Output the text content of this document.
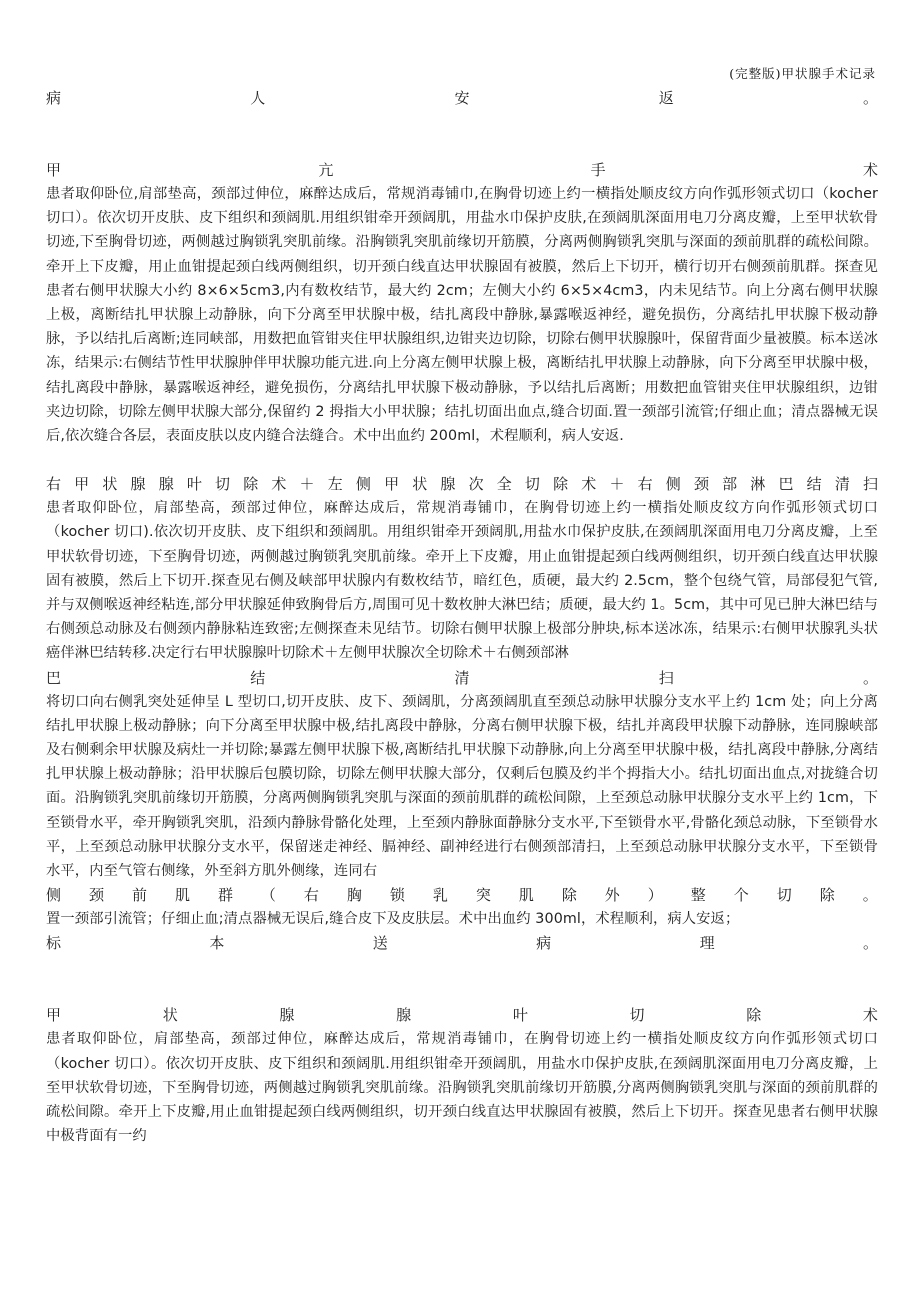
(完整版)甲状腺手术记录
病	人	安	返	。
甲	亢	手	术

患者取仰卧位,肩部垫高，颈部过伸位，麻醉达成后，常规消毒铺巾,在胸骨切迹上约一横指处顺皮纹方向作弧形领式切口（kocher 切口）。依次切开皮肤、皮下组织和颈阔肌.用组织钳牵开颈阔肌，用盐水巾保护皮肤,在颈阔肌深面用电刀分离皮瓣，上至甲状软骨切迹,下至胸骨切迹，两侧越过胸锁乳突肌前缘。沿胸锁乳突肌前缘切开筋膜，分离两侧胸锁乳突肌与深面的颈前肌群的疏松间隙。牵开上下皮瓣，用止血钳提起颈白线两侧组织，切开颈白线直达甲状腺固有被膜，然后上下切开，横行切开右侧颈前肌群。探查见患者右侧甲状腺大小约 8×6×5cm3,内有数枚结节，最大约 2cm；左侧大小约 6×5×4cm3，内未见结节。向上分离右侧甲状腺上极，离断结扎甲状腺上动静脉，向下分离至甲状腺中极，结扎离段中静脉,暴露喉返神经，避免损伤，分离结扎甲状腺下极动静脉，予以结扎后离断;连同峡部，用数把血管钳夹住甲状腺组织,边钳夹边切除，切除右侧甲状腺腺叶，保留背面少量被膜。标本送冰冻，结果示:右侧结节性甲状腺肿伴甲状腺功能亢进.向上分离左侧甲状腺上极，离断结扎甲状腺上动静脉，向下分离至甲状腺中极，结扎离段中静脉，暴露喉返神经，避免损伤，分离结扎甲状腺下极动静脉，予以结扎后离断；用数把血管钳夹住甲状腺组织，边钳夹边切除，切除左侧甲状腺大部分,保留约 2 拇指大小甲状腺；结扎切面出血点,缝合切面.置一颈部引流管;仔细止血；清点器械无误后,依次缝合各层，表面皮肤以皮内缝合法缝合。术中出血约 200ml，术程顺利，病人安返.

右 甲 状 腺 腺 叶 切 除 术 ＋ 左 侧 甲 状 腺 次 全 切 除 术 ＋ 右 侧 颈 部 淋 巴 结 清 扫

患者取仰卧位，肩部垫高，颈部过伸位，麻醉达成后，常规消毒铺巾，在胸骨切迹上约一横指处顺皮纹方向作弧形领式切口（kocher 切口).依次切开皮肤、皮下组织和颈阔肌。用组织钳牵开颈阔肌,用盐水巾保护皮肤,在颈阔肌深面用电刀分离皮瓣，上至甲状软骨切迹，下至胸骨切迹，两侧越过胸锁乳突肌前缘。牵开上下皮瓣，用止血钳提起颈白线两侧组织，切开颈白线直达甲状腺固有被膜，然后上下切开.探查见右侧及峡部甲状腺内有数枚结节，暗红色，质硬，最大约 2.5cm，整个包绕气管，局部侵犯气管,并与双侧喉返神经粘连,部分甲状腺延伸致胸骨后方,周围可见十数枚肿大淋巴结；质硬，最大约 1。5cm，其中可见已肿大淋巴结与右侧颈总动脉及右侧颈内静脉粘连致密;左侧探查未见结节。切除右侧甲状腺上极部分肿块,标本送冰冻，结果示:右侧甲状腺乳头状癌伴淋巴结转移.决定行右甲状腺腺叶切除术＋左侧甲状腺次全切除术＋右侧颈部淋

巴	结	清	扫	。

将切口向右侧乳突处延伸呈 L 型切口,切开皮肤、皮下、颈阔肌，分离颈阔肌直至颈总动脉甲状腺分支水平上约 1cm 处；向上分离结扎甲状腺上极动静脉；向下分离至甲状腺中极,结扎离段中静脉，分离右侧甲状腺下极，结扎并离段甲状腺下动静脉，连同腺峡部及右侧剩余甲状腺及病灶一并切除;暴露左侧甲状腺下极,离断结扎甲状腺下动静脉,向上分离至甲状腺中极，结扎离段中静脉,分离结扎甲状腺上极动静脉；沿甲状腺后包膜切除，切除左侧甲状腺大部分，仅剩后包膜及约半个拇指大小。结扎切面出血点,对拢缝合切面。沿胸锁乳突肌前缘切开筋膜，分离两侧胸锁乳突肌与深面的颈前肌群的疏松间隙，上至颈总动脉甲状腺分支水平上约 1cm，下至锁骨水平，牵开胸锁乳突肌，沿颈内静脉骨骼化处理，上至颈内静脉面静脉分支水平,下至锁骨水平,骨骼化颈总动脉，下至锁骨水平，上至颈总动脉甲状腺分支水平，保留迷走神经、膈神经、副神经进行右侧颈部清扫，上至颈总动脉甲状腺分支水平，下至锁骨水平，内至气管右侧缘，外至斜方肌外侧缘，连同右

侧 颈 前 肌 群 （ 右 胸 锁 乳 突 肌 除 外 ） 整 个 切 除 。

置一颈部引流管；仔细止血;清点器械无误后,缝合皮下及皮肤层。术中出血约 300ml，术程顺利，病人安返；

标	本	送	病	理	。
甲	状	腺	腺	叶	切	除	术

患者取仰卧位，肩部垫高，颈部过伸位，麻醉达成后，常规消毒铺巾，在胸骨切迹上约一横指处顺皮纹方向作弧形领式切口（kocher 切口）。依次切开皮肤、皮下组织和颈阔肌.用组织钳牵开颈阔肌，用盐水巾保护皮肤,在颈阔肌深面用电刀分离皮瓣，上至甲状软骨切迹，下至胸骨切迹，两侧越过胸锁乳突肌前缘。沿胸锁乳突肌前缘切开筋膜,分离两侧胸锁乳突肌与深面的颈前肌群的疏松间隙。牵开上下皮瓣,用止血钳提起颈白线两侧组织，切开颈白线直达甲状腺固有被膜，然后上下切开。探查见患者右侧甲状腺中极背面有一约
